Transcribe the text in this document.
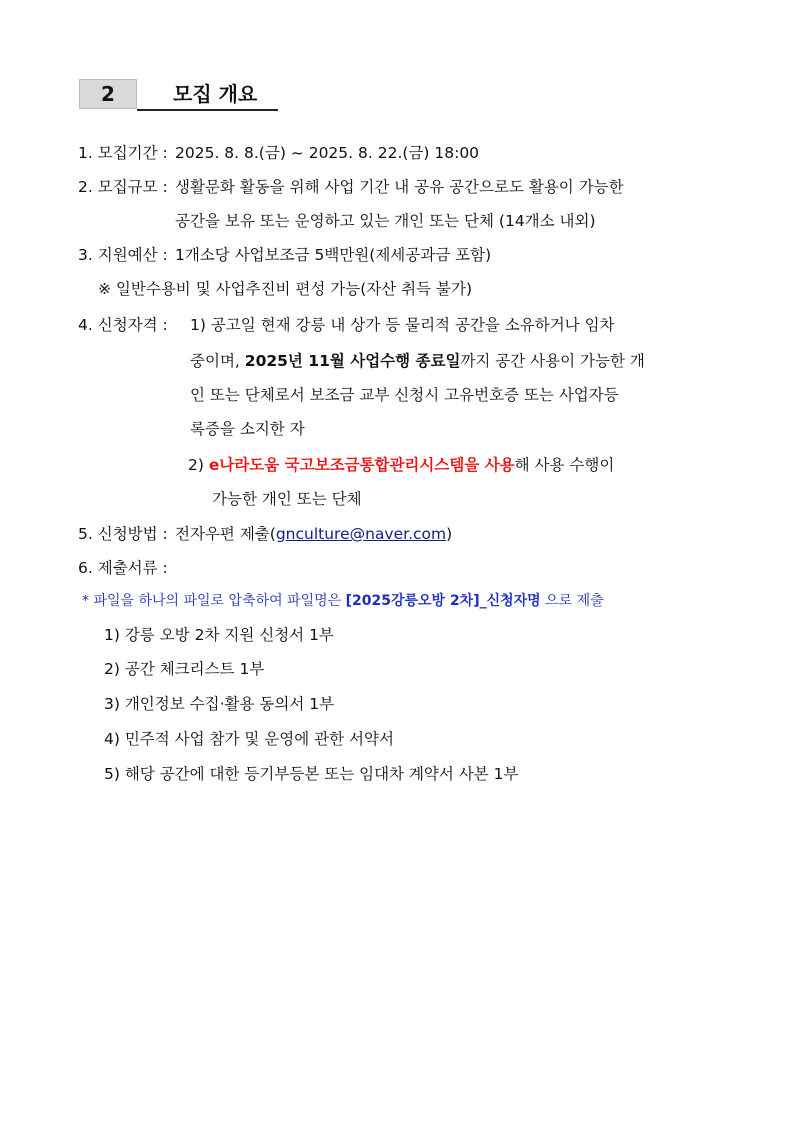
2	모집 개요
1. 모집기간 : 2025. 8. 8.(금) ~ 2025. 8. 22.(금) 18:00
2. 모집규모 : 생활문화 활동을 위해 사업 기간 내 공유 공간으로도 활용이 가능한
공간을 보유 또는 운영하고 있는 개인 또는 단체 (14개소 내외)
3. 지원예산 : 1개소당 사업보조금 5백만원(제세공과금 포함)
※ 일반수용비 및 사업추진비 편성 가능(자산 취득 불가)
4. 신청자격 : 1) 공고일 현재 강릉 내 상가 등 물리적 공간을 소유하거나 임차
중이며, 2025년 11월 사업수행 종료일까지 공간 사용이 가능한 개
인 또는 단체로서 보조금 교부 신청시 고유번호증 또는 사업자등
록증을 소지한 자
2) e나라도움 국고보조금통합관리시스템을 사용해 사용 수행이
가능한 개인 또는 단체
5. 신청방법 : 전자우편 제출(gnculture@naver.com)
6. 제출서류 :
* 파일을 하나의 파일로 압축하여 파일명은 [2025강릉오방 2차]_신청자명 으로 제출
1) 강릉 오방 2차 지원 신청서 1부
2) 공간 체크리스트 1부
3) 개인정보 수집·활용 동의서 1부
4) 민주적 사업 참가 및 운영에 관한 서약서
5) 해당 공간에 대한 등기부등본 또는 임대차 계약서 사본 1부
